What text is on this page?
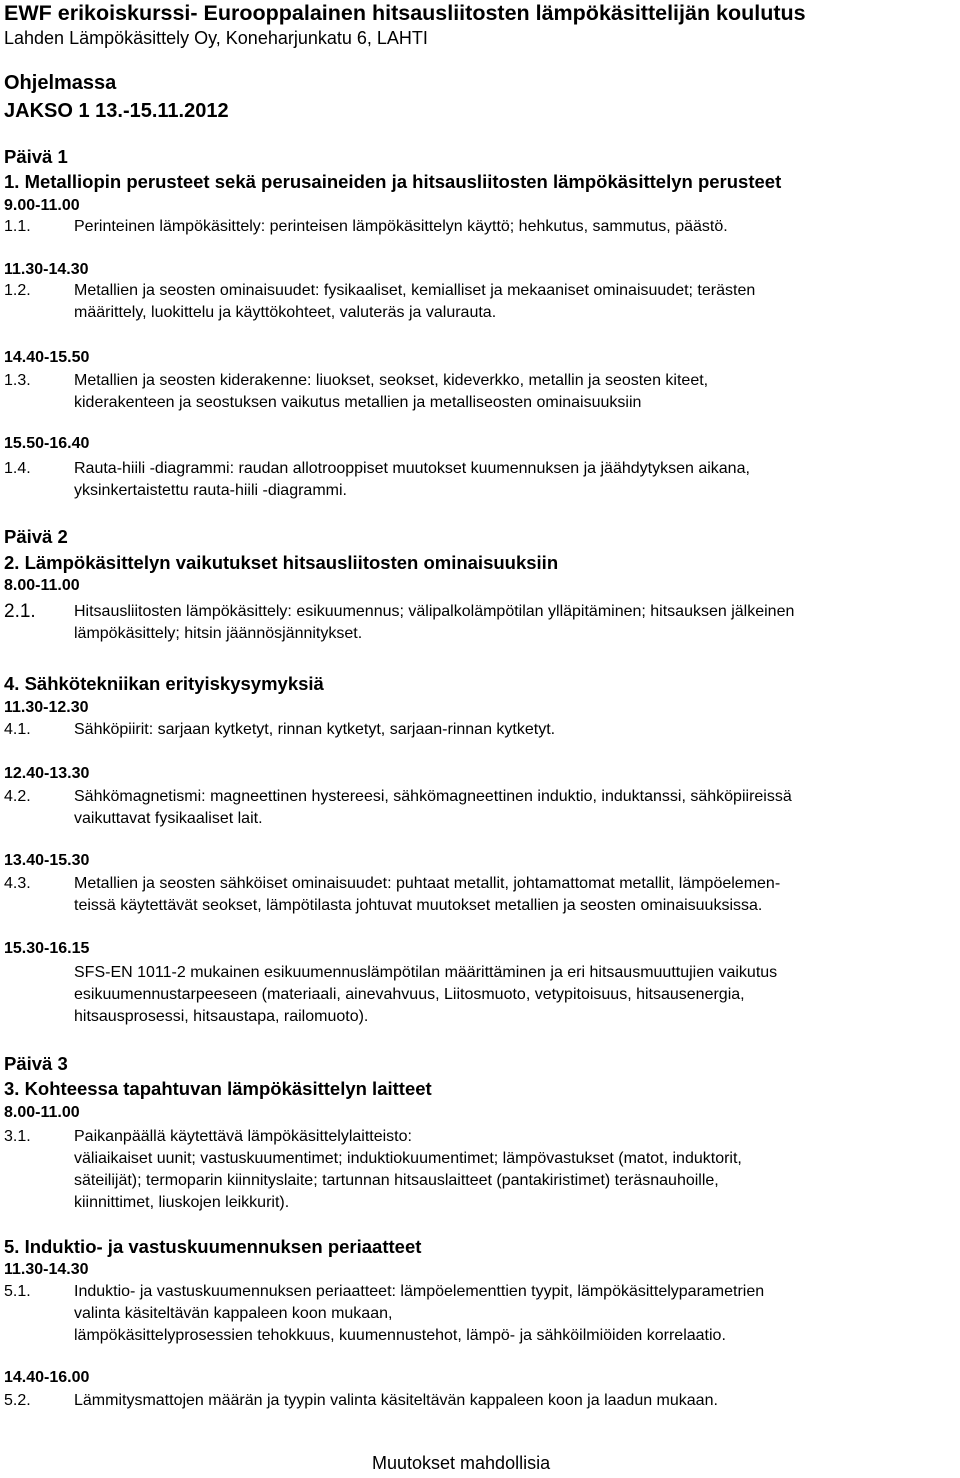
EWF erikoiskurssi- Eurooppalainen hitsausliitosten lämpökäsittelijän koulutus
Lahden Lämpökäsittely Oy, Koneharjunkatu 6, LAHTI
Ohjelmassa
JAKSO 1 13.-15.11.2012
Päivä 1
1. Metalliopin perusteet sekä perusaineiden ja hitsausliitosten lämpökäsittelyn perusteet
9.00-11.00
1.1.	Perinteinen lämpökäsittely: perinteisen lämpökäsittelyn käyttö; hehkutus, sammutus, päästö.
11.30-14.30
1.2.	Metallien ja seosten ominaisuudet: fysikaaliset, kemialliset ja mekaaniset ominaisuudet; terästen
määrittely, luokittelu ja käyttökohteet, valuteräs ja valurauta.
14.40-15.50
1.3.	Metallien ja seosten kiderakenne: liuokset, seokset, kideverkko, metallin ja seosten kiteet,
kiderakenteen ja seostuksen vaikutus metallien ja metalliseosten ominaisuuksiin
15.50-16.40
1.4.	Rauta-hiili -diagrammi: raudan allotrooppiset muutokset kuumennuksen ja jäähdytyksen aikana,
yksinkertaistettu rauta-hiili -diagrammi.
Päivä 2
2. Lämpökäsittelyn vaikutukset hitsausliitosten ominaisuuksiin
8.00-11.00
2.1. Hitsausliitosten lämpökäsittely: esikuumennus; välipalkolämpötilan ylläpitäminen; hitsauksen jälkeinen
lämpökäsittely; hitsin jäännösjännitykset.
4. Sähkötekniikan erityiskysymyksiä
11.30-12.30
4.1.	Sähköpiirit: sarjaan kytketyt, rinnan kytketyt, sarjaan-rinnan kytketyt.
12.40-13.30
4.2.	Sähkömagnetismi: magneettinen hystereesi, sähkömagneettinen induktio, induktanssi, sähköpiireissä
vaikuttavat fysikaaliset lait.
13.40-15.30
4.3.	Metallien ja seosten sähköiset ominaisuudet: puhtaat metallit, johtamattomat metallit, lämpöelemen-
teissä käytettävät seokset, lämpötilasta johtuvat muutokset metallien ja seosten ominaisuuksissa.
15.30-16.15
SFS-EN 1011-2 mukainen esikuumennuslämpötilan määrittäminen ja eri hitsausmuuttujien vaikutus
esikuumennustarpeeseen (materiaali, ainevahvuus, Liitosmuoto, vetypitoisuus, hitsausenergia,
hitsausprosessi, hitsaustapa, railomuoto).
Päivä 3
3. Kohteessa tapahtuvan lämpökäsittelyn laitteet
8.00-11.00
3.1.	Paikanpäällä käytettävä lämpökäsittelylaitteisto:
väliaikaiset uunit; vastuskuumentimet; induktiokuumentimet; lämpövastukset (matot, induktorit,
säteilijät); termoparin kiinnityslaite; tartunnan hitsauslaitteet (pantakiristimet) teräsnauhoille,
kiinnittimet, liuskojen leikkurit).
5. Induktio- ja vastuskuumennuksen periaatteet
11.30-14.30
5.1.	Induktio- ja vastuskuumennuksen periaatteet: lämpöelementtien tyypit, lämpökäsittelyparametrien
valinta käsiteltävän kappaleen koon mukaan,
lämpökäsittelyprosessien tehokkuus, kuumennustehot, lämpö- ja sähköilmiöiden korrelaatio.
14.40-16.00
5.2.	Lämmitysmattojen määrän ja tyypin valinta käsiteltävän kappaleen koon ja laadun mukaan.
Muutokset mahdollisia
